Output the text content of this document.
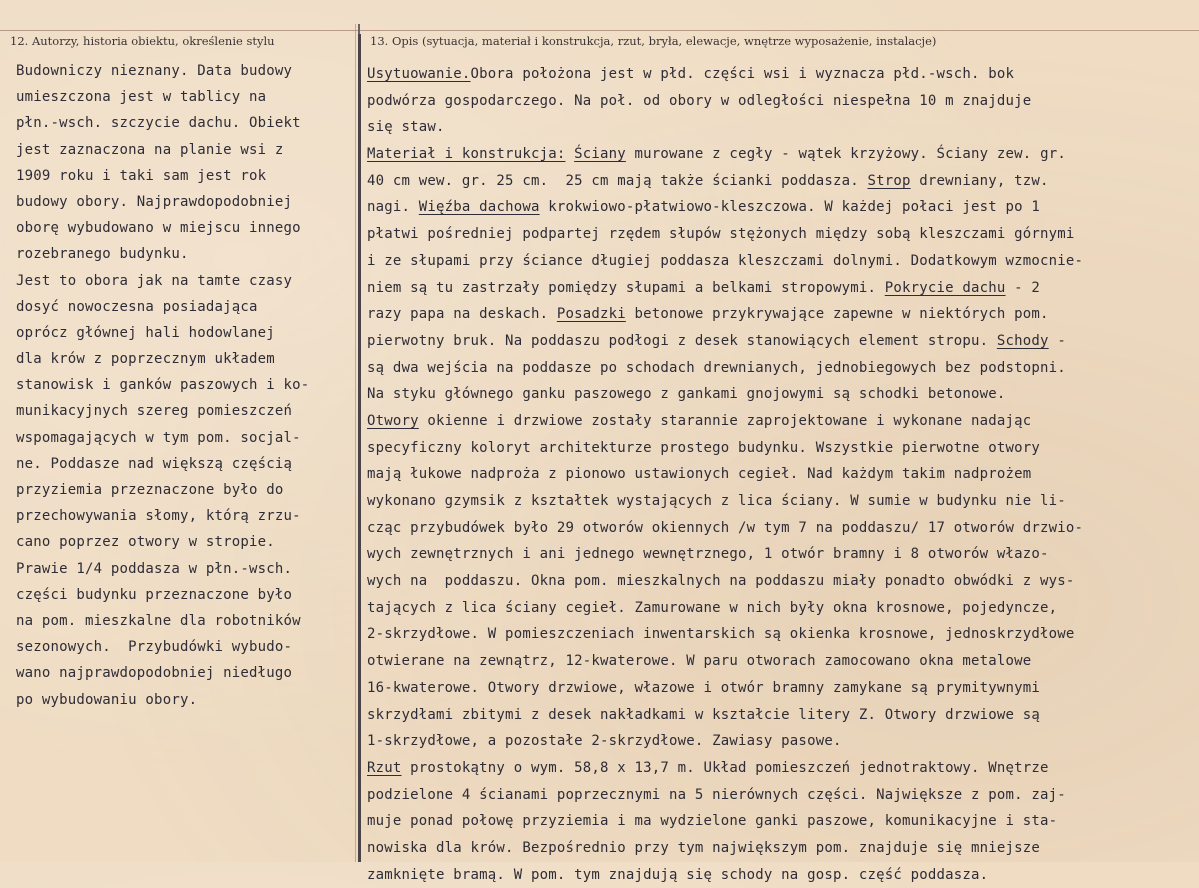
12. Autorzy, historia obiektu, określenie stylu	13. Opis (sytuacja, materiał i konstrukcja, rzut, bryła, elewacje, wnętrze wyposażenie, instalacje)
Budowniczy nieznany. Data budowy
umieszczona jest w tablicy na
płn.-wsch. szczycie dachu. Obiekt
jest zaznaczona na planie wsi z
1909 roku i taki sam jest rok
budowy obory. Najprawdopodobniej
oborę wybudowano w miejscu innego
rozebranego budynku.
Jest to obora jak na tamte czasy
dosyć nowoczesna posiadająca
oprócz głównej hali hodowlanej
dla krów z poprzecznym układem
stanowisk i ganków paszowych i ko-
munikacyjnych szereg pomieszczeń
wspomagających w tym pom. socjal-
ne. Poddasze nad większą częścią
przyziemia przeznaczone było do
przechowywania słomy, którą zrzu-
cano poprzez otwory w stropie.
Prawie 1/4 poddasza w płn.-wsch.
części budynku przeznaczone było
na pom. mieszkalne dla robotników
sezonowych.  Przybudówki wybudo-
wano najprawdopodobniej niedługo
po wybudowaniu obory.
Usytuowanie.Obora położona jest w płd. części wsi i wyznacza płd.-wsch. bok
podwórza gospodarczego. Na poł. od obory w odległości niespełna 10 m znajduje
się staw.
Materiał i konstrukcja: Ściany murowane z cegły - wątek krzyżowy. Ściany zew. gr.
40 cm wew. gr. 25 cm.  25 cm mają także ścianki poddasza. Strop drewniany, tzw.
nagi. Więźba dachowa krokwiowo-płatwiowo-kleszczowa. W każdej połaci jest po 1
płatwi pośredniej podpartej rzędem słupów stężonych między sobą kleszczami górnymi
i ze słupami przy ściance długiej poddasza kleszczami dolnymi. Dodatkowym wzmocnie-
niem są tu zastrzały pomiędzy słupami a belkami stropowymi. Pokrycie dachu - 2
razy papa na deskach. Posadzki betonowe przykrywające zapewne w niektórych pom.
pierwotny bruk. Na poddaszu podłogi z desek stanowiących element stropu. Schody -
są dwa wejścia na poddasze po schodach drewnianych, jednobiegowych bez podstopni.
Na styku głównego ganku paszowego z gankami gnojowymi są schodki betonowe.
Otwory okienne i drzwiowe zostały starannie zaprojektowane i wykonane nadając
specyficzny koloryt architekturze prostego budynku. Wszystkie pierwotne otwory
mają łukowe nadproża z pionowo ustawionych cegieł. Nad każdym takim nadprożem
wykonano gzymsik z kształtek wystających z lica ściany. W sumie w budynku nie li-
cząc przybudówek było 29 otworów okiennych /w tym 7 na poddaszu/ 17 otworów drzwio-
wych zewnętrznych i ani jednego wewnętrznego, 1 otwór bramny i 8 otworów włazo-
wych na  poddaszu. Okna pom. mieszkalnych na poddaszu miały ponadto obwódki z wys-
tających z lica ściany cegieł. Zamurowane w nich były okna krosnowe, pojedyncze,
2-skrzydłowe. W pomieszczeniach inwentarskich są okienka krosnowe, jednoskrzydłowe
otwierane na zewnątrz, 12-kwaterowe. W paru otworach zamocowano okna metalowe
16-kwaterowe. Otwory drzwiowe, włazowe i otwór bramny zamykane są prymitywnymi
skrzydłami zbitymi z desek nakładkami w kształcie litery Z. Otwory drzwiowe są
1-skrzydłowe, a pozostałe 2-skrzydłowe. Zawiasy pasowe.
Rzut prostokątny o wym. 58,8 x 13,7 m. Układ pomieszczeń jednotraktowy. Wnętrze
podzielone 4 ścianami poprzecznymi na 5 nierównych części. Największe z pom. zaj-
muje ponad połowę przyziemia i ma wydzielone ganki paszowe, komunikacyjne i sta-
nowiska dla krów. Bezpośrednio przy tym największym pom. znajduje się mniejsze
zamknięte bramą. W pom. tym znajdują się schody na gosp. część poddasza.
